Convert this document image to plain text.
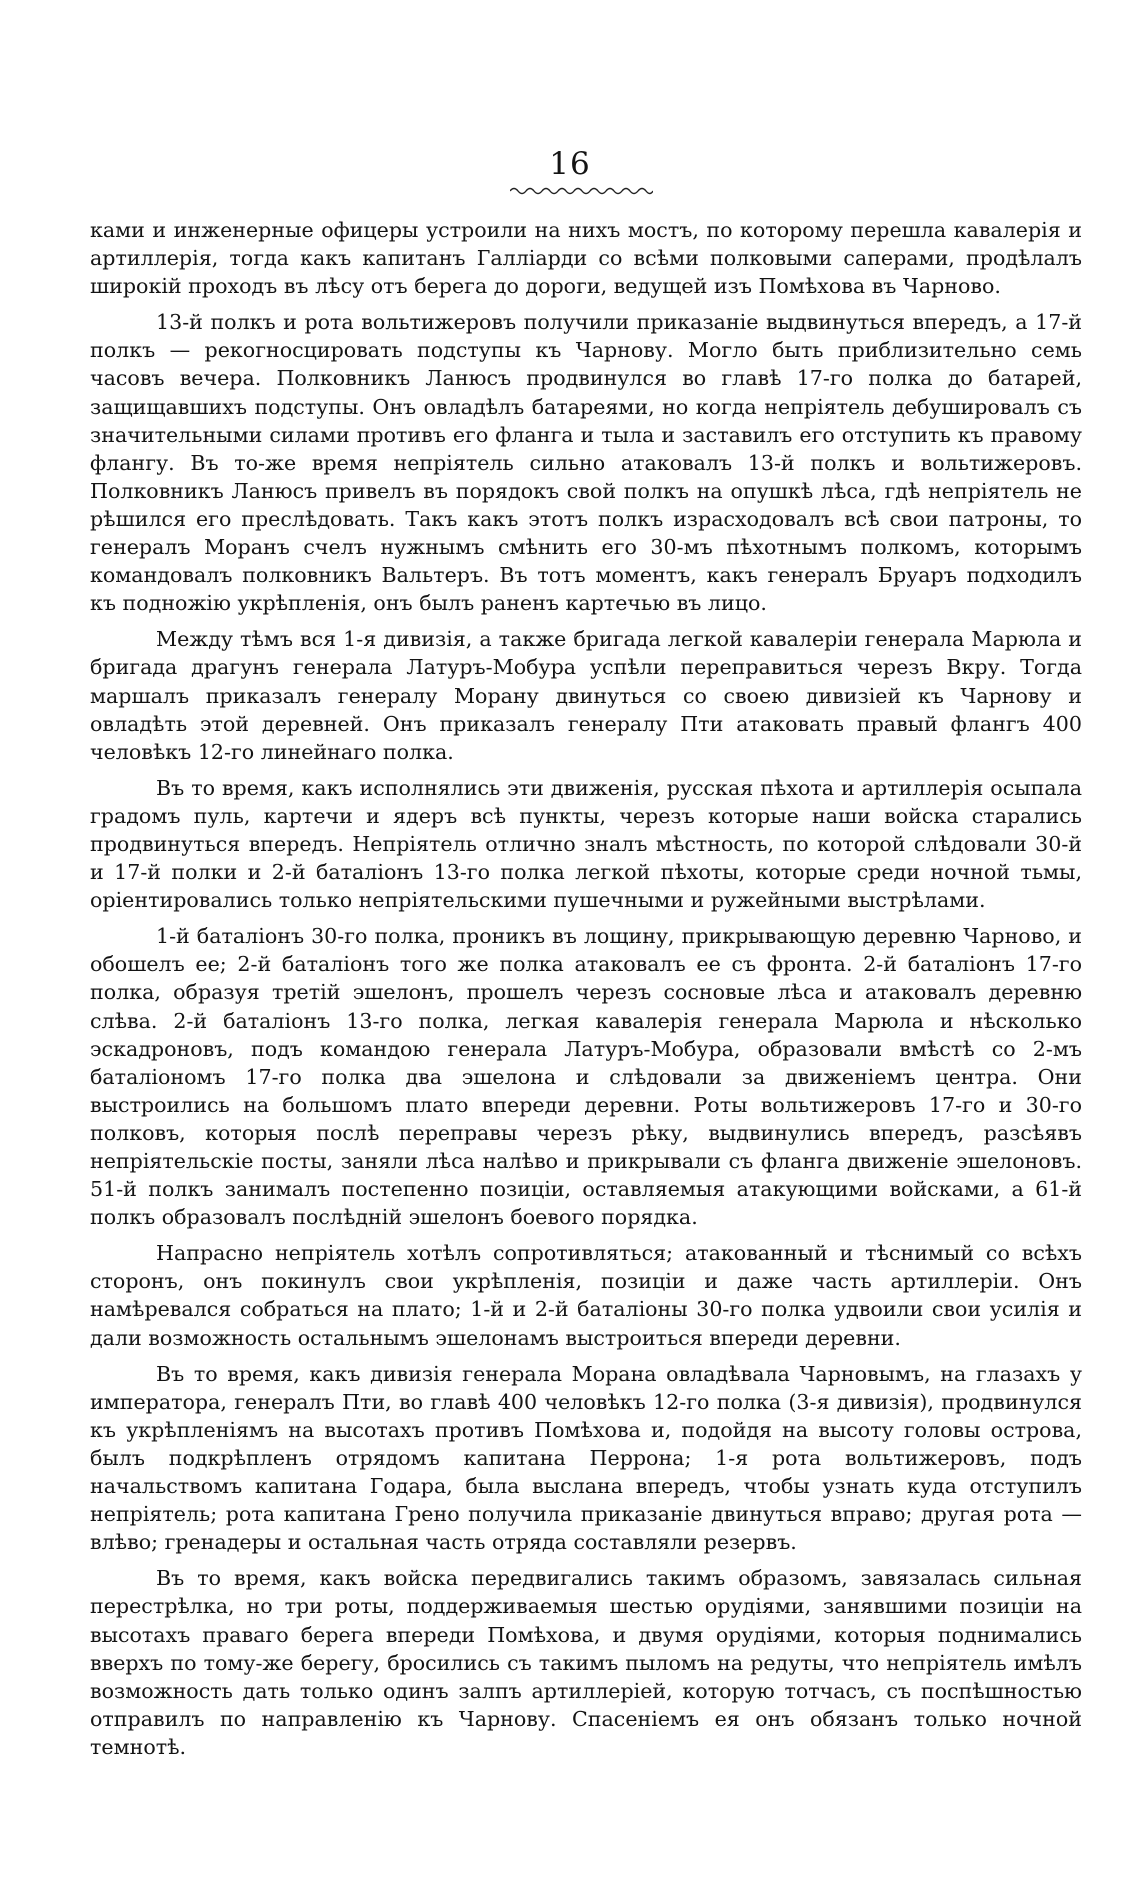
16

ками и инженерные офицеры устроили на нихъ мостъ, по которому перешла кавалерія и артиллерія, тогда какъ капитанъ Галліарди со всѣми полковыми саперами, продѣлалъ широкій проходъ въ лѣсу отъ берега до дороги, ведущей изъ Помѣхова въ Чарново.

13-й полкъ и рота вольтижеровъ получили приказаніе выдвинуться впередъ, а 17-й полкъ — рекогносцировать подступы къ Чарнову. Могло быть приблизительно семь часовъ вечера. Полковникъ Ланюсъ продвинулся во главѣ 17-го полка до батарей, защищавшихъ подступы. Онъ овладѣлъ батареями, но когда непріятель дебушировалъ съ значительными силами противъ его фланга и тыла и заставилъ его отступить къ правому флангу. Въ то-же время непріятель сильно атаковалъ 13-й полкъ и вольтижеровъ. Полковникъ Ланюсъ привелъ въ порядокъ свой полкъ на опушкѣ лѣса, гдѣ непріятель не рѣшился его преслѣдовать. Такъ какъ этотъ полкъ израсходовалъ всѣ свои патроны, то генералъ Моранъ счелъ нужнымъ смѣнить его 30-мъ пѣхотнымъ полкомъ, которымъ командовалъ полковникъ Вальтеръ. Въ тотъ моментъ, какъ генералъ Бруаръ подходилъ къ подножію укрѣпленія, онъ былъ раненъ картечью въ лицо.

Между тѣмъ вся 1-я дивизія, а также бригада легкой кавалеріи генерала Марюла и бригада драгунъ генерала Латуръ-Мобура успѣли переправиться черезъ Вкру. Тогда маршалъ приказалъ генералу Морану двинуться со своею дивизіей къ Чарнову и овладѣть этой деревней. Онъ приказалъ генералу Пти атаковать правый флангъ 400 человѣкъ 12-го линейнаго полка.

Въ то время, какъ исполнялись эти движенія, русская пѣхота и артиллерія осыпала градомъ пуль, картечи и ядеръ всѣ пункты, черезъ которые наши войска старались продвинуться впередъ. Непріятель отлично зналъ мѣстность, по которой слѣдовали 30-й и 17-й полки и 2-й баталіонъ 13-го полка легкой пѣхоты, которые среди ночной тьмы, оріентировались только непріятельскими пушечными и ружейными выстрѣлами.

1-й баталіонъ 30-го полка, проникъ въ лощину, прикрывающую деревню Чарново, и обошелъ ее; 2-й баталіонъ того же полка атаковалъ ее съ фронта. 2-й баталіонъ 17-го полка, образуя третій эшелонъ, прошелъ черезъ сосновые лѣса и атаковалъ деревню слѣва. 2-й баталіонъ 13-го полка, легкая кавалерія генерала Марюла и нѣсколько эскадроновъ, подъ командою генерала Латуръ-Мобура, образовали вмѣстѣ со 2-мъ баталіономъ 17-го полка два эшелона и слѣдовали за движеніемъ центра. Они выстроились на большомъ плато впереди деревни. Роты вольтижеровъ 17-го и 30-го полковъ, которыя послѣ переправы черезъ рѣку, выдвинулись впередъ, разсѣявъ непріятельскіе посты, заняли лѣса налѣво и прикрывали съ фланга движеніе эшелоновъ. 51-й полкъ занималъ постепенно позиціи, оставляемыя атакующими войсками, а 61-й полкъ образовалъ послѣдній эшелонъ боевого порядка.

Напрасно непріятель хотѣлъ сопротивляться; атакованный и тѣснимый со всѣхъ сторонъ, онъ покинулъ свои укрѣпленія, позиціи и даже часть артиллеріи. Онъ намѣревался собраться на плато; 1-й и 2-й баталіоны 30-го полка удвоили свои усилія и дали возможность остальнымъ эшелонамъ выстроиться впереди деревни.

Въ то время, какъ дивизія генерала Морана овладѣвала Чарновымъ, на глазахъ у императора, генералъ Пти, во главѣ 400 человѣкъ 12-го полка (3-я дивизія), продвинулся къ укрѣпленіямъ на высотахъ противъ Помѣхова и, подойдя на высоту головы острова, былъ подкрѣпленъ отрядомъ капитана Перрона; 1-я рота вольтижеровъ, подъ начальствомъ капитана Годара, была выслана впередъ, чтобы узнать куда отступилъ непріятель; рота капитана Грено получила приказаніе двинуться вправо; другая рота — влѣво; гренадеры и остальная часть отряда составляли резервъ.

Въ то время, какъ войска передвигались такимъ образомъ, завязалась сильная перестрѣлка, но три роты, поддерживаемыя шестью орудіями, занявшими позиціи на высотахъ праваго берега впереди Помѣхова, и двумя орудіями, которыя поднимались вверхъ по тому-же берегу, бросились съ такимъ пыломъ на редуты, что непріятель имѣлъ возможность дать только одинъ залпъ артиллеріей, которую тотчасъ, съ поспѣшностью отправилъ по направленію къ Чарнову. Спасеніемъ ея онъ обязанъ только ночной темнотѣ.
